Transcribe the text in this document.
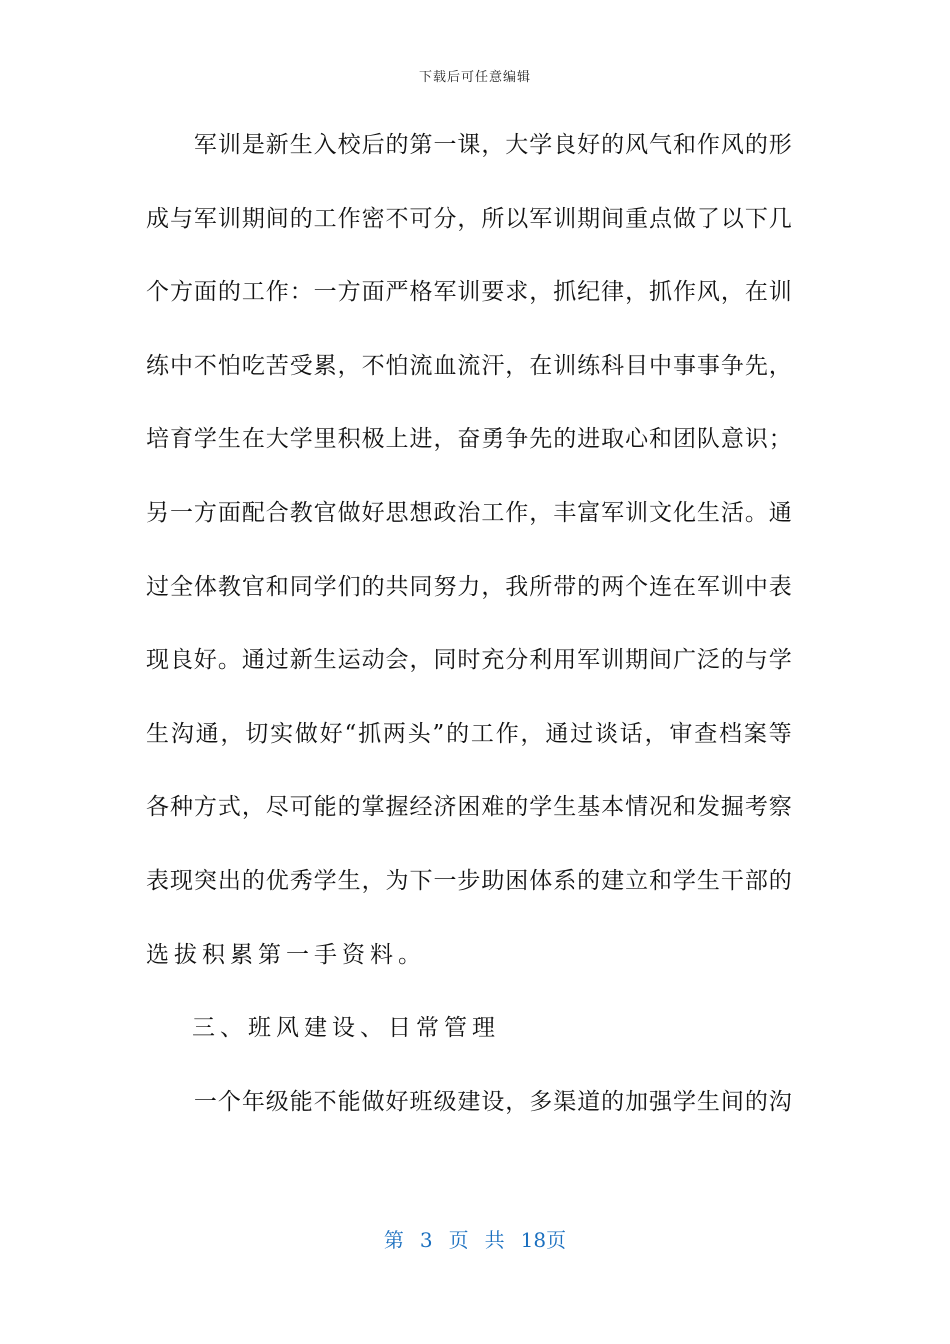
下载后可任意编辑

军 训 是 新 生 入 校 后 的 第 一 课 ， 大 学 良 好 的 风 气 和 作 风 的 形
成 与 军 训 期 间 的 工 作 密 不 可 分 ， 所 以 军 训 期 间 重 点 做 了 以 下 几
个 方 面 的 工 作 ： 一 方 面 严 格 军 训 要 求 ， 抓 纪 律 ， 抓 作 风 ， 在 训
练 中 不 怕 吃 苦 受 累 ， 不 怕 流 血 流 汗 ， 在 训 练 科 目 中 事 事 争 先 ，
培 育 学 生 在 大 学 里 积 极 上 进 ， 奋 勇 争 先 的 进 取 心 和 团 队 意 识 ；
另 一 方 面 配 合 教 官 做 好 思 想 政 治 工 作 ， 丰 富 军 训 文 化 生 活 。 通
过 全 体 教 官 和 同 学 们 的 共 同 努 力 ， 我 所 带 的 两 个 连 在 军 训 中 表
现 良 好 。 通 过 新 生 运 动 会 ， 同 时 充 分 利 用 军 训 期 间 广 泛 的 与 学
生 沟 通 ， 切 实 做 好 “ 抓 两 头 ” 的 工 作 ， 通 过 谈 话 ， 审 查 档 案 等
各 种 方 式 ， 尽 可 能 的 掌 握 经 济 困 难 的 学 生 基 本 情 况 和 发 掘 考 察
表 现 突 出 的 优 秀 学 生 ， 为 下 一 步 助 困 体 系 的 建 立 和 学 生 干 部 的
选拔积累第一手资料。
三、班风建设、日常管理

一 个 年 级 能 不 能 做 好 班 级 建 设 ， 多 渠 道 的 加 强 学 生 间 的 沟
第 3 页 共 18页
